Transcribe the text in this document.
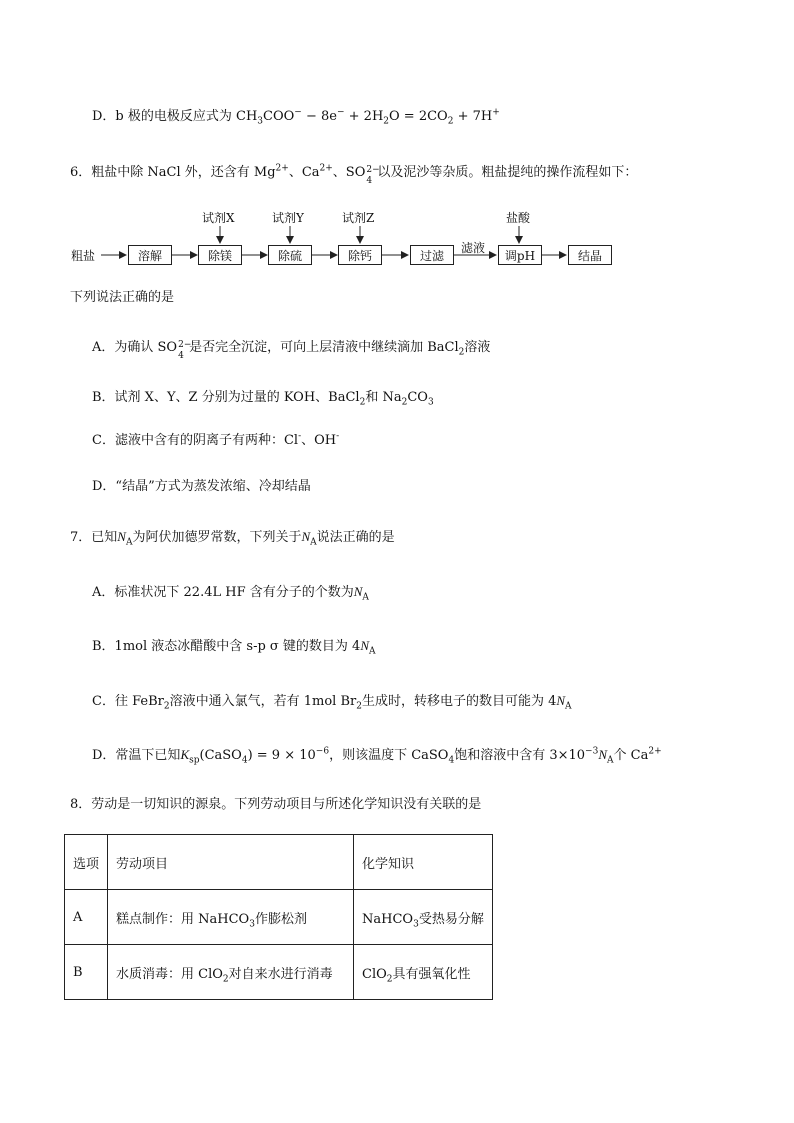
D．b 极的电极反应式为 $CH_3COO^- - 8e^- + 2H_2O = 2CO_2 + 7H^+$
6．粗盐中除 NaCl 外，还含有 $Mg^{2+}$、$Ca^{2+}$、SO 2−
4
以及泥沙等杂质。粗盐提纯的操作流程如下：
粗盐	溶解	除镁	除硫	除钙	过滤	调pH	结晶
试剂X	试剂Y	试剂Z	盐酸
滤液
下列说法正确的是
A．为确认 SO 2−
4
是否完全沉淀，可向上层清液中继续滴加 BaCl$_2$溶液
B．试剂 X、Y、Z 分别为过量的 KOH、BaCl$_2$和 $Na_2CO_3$
C．滤液中含有的阴离子有两种：Cl-、OH-
D．“结晶”方式为蒸发浓缩、冷却结晶
7．已知$N_A$为阿伏加德罗常数，下列关于$N_A$说法正确的是
A．标准状况下 22.4L HF 含有分子的个数为$N_A$
B．1mol 液态冰醋酸中含 s-p σ 键的数目为 $4N_A$
C．往 FeBr$_2$溶液中通入氯气，若有 1mol $Br_2$生成时，转移电子的数目可能为 $4N_A$
D．常温下已知$K_{sp}(CaSO_4) = 9 \times 10^{-6}$，则该温度下 CaSO$_4$饱和溶液中含有 $3\times 10^{-3}N_A$个 $Ca^{2+}$
8．劳动是一切知识的源泉。下列劳动项目与所述化学知识没有关联的是
选项	劳动项目	化学知识
A	糕点制作：用 NaHCO$_3$作膨松剂	NaHCO$_3$受热易分解
B	水质消毒：用 ClO$_2$对自来水进行消毒	ClO$_2$具有强氧化性
